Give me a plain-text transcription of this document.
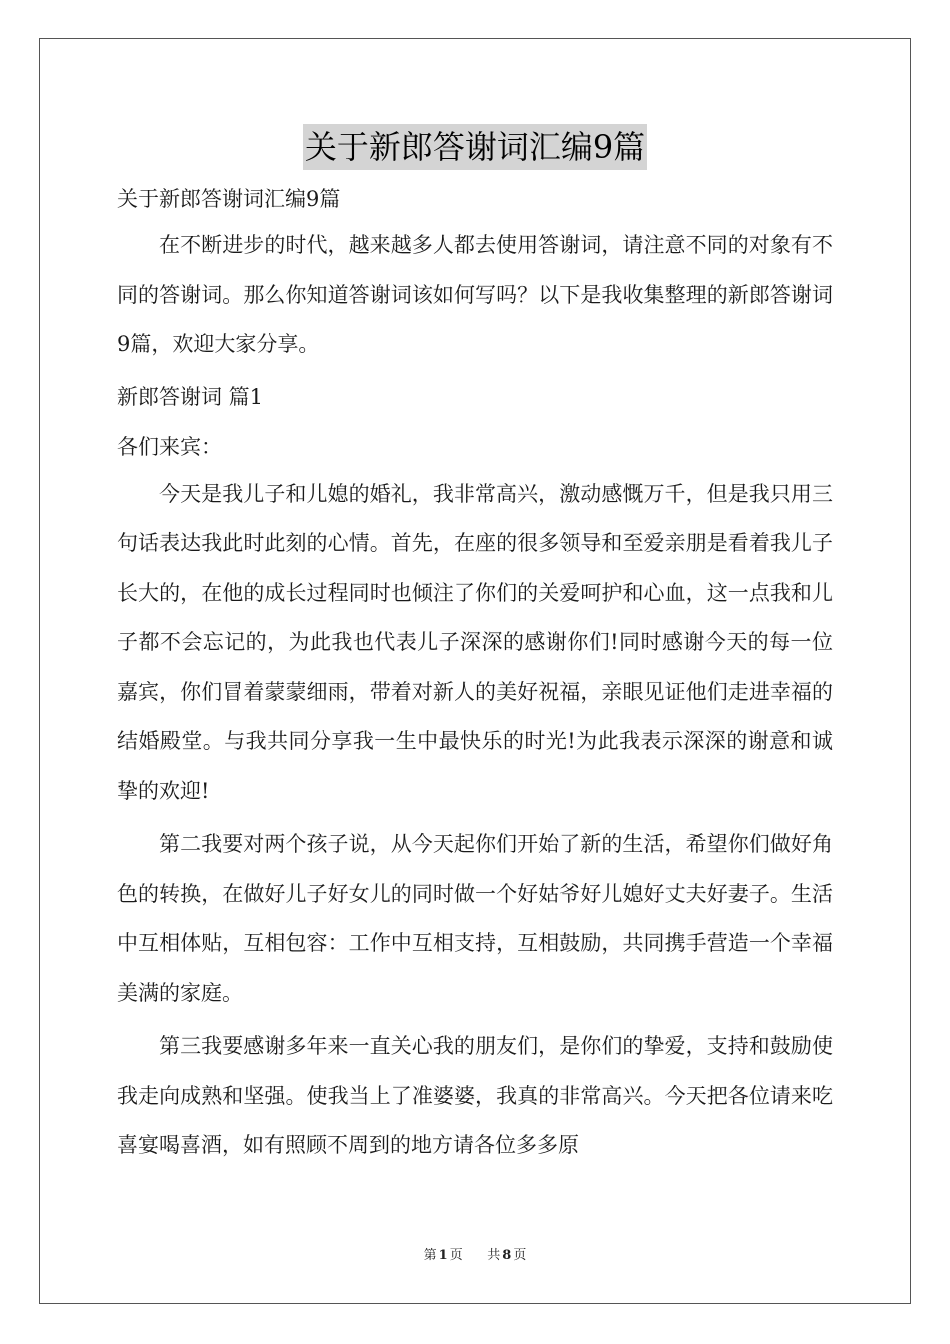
关于新郎答谢词汇编9篇

关于新郎答谢词汇编9篇

在不断进步的时代，越来越多人都去使用答谢词，请注意不同的对象有不同的答谢词。那么你知道答谢词该如何写吗？以下是我收集整理的新郎答谢词9篇，欢迎大家分享。

新郎答谢词 篇1

各们来宾：

今天是我儿子和儿媳的婚礼，我非常高兴，激动感慨万千，但是我只用三句话表达我此时此刻的心情。首先，在座的很多领导和至爱亲朋是看着我儿子长大的，在他的成长过程同时也倾注了你们的关爱呵护和心血，这一点我和儿子都不会忘记的，为此我也代表儿子深深的感谢你们!同时感谢今天的每一位嘉宾，你们冒着蒙蒙细雨，带着对新人的美好祝福，亲眼见证他们走进幸福的结婚殿堂。与我共同分享我一生中最快乐的时光!为此我表示深深的谢意和诚挚的欢迎!

第二我要对两个孩子说，从今天起你们开始了新的生活，希望你们做好角色的转换，在做好儿子好女儿的同时做一个好姑爷好儿媳好丈夫好妻子。生活中互相体贴，互相包容：工作中互相支持，互相鼓励，共同携手营造一个幸福美满的家庭。

第三我要感谢多年来一直关心我的朋友们，是你们的挚爱，支持和鼓励使我走向成熟和坚强。使我当上了准婆婆，我真的非常高兴。今天把各位请来吃喜宴喝喜酒，如有照顾不周到的地方请各位多多原

第 1 页 共 8 页
